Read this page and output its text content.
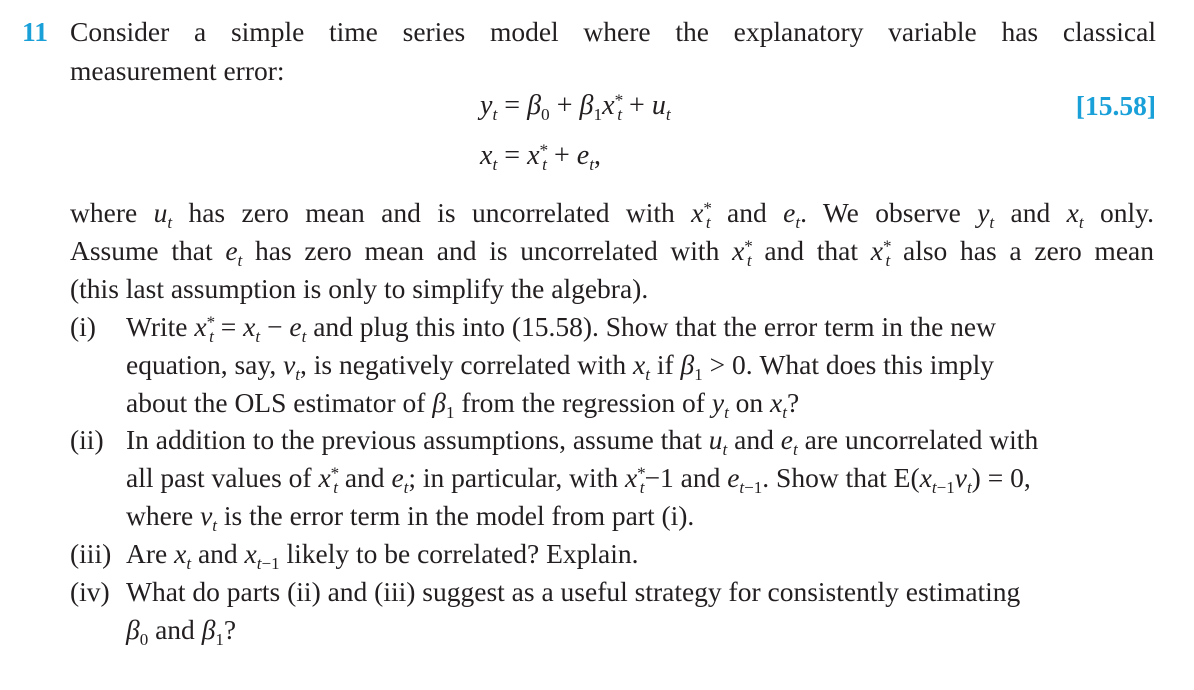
11 Consider a simple time series model where the explanatory variable has classical
measurement error:
$y_t = \beta_0 + \beta_1x^*_t + u_t$	[15.58]
$x_t = x^*_t + e_t$,
where $u_t$ has zero mean and is uncorrelated with $x^*_t$ and $e_t$. We observe $y_t$ and $x_t$ only.
Assume that $e_t$ has zero mean and is uncorrelated with $x^*_t$ and that $x^*_t$ also has a zero mean
(this last assumption is only to simplify the algebra).
(i) Write $x^*_t = x_t - e_t$ and plug this into (15.58). Show that the error term in the new
equation, say, $v_t$, is negatively correlated with $x_t$ if $\beta_1 > 0$. What does this imply
about the OLS estimator of $\beta_1$ from the regression of $y_t$ on $x_t$?
(ii) In addition to the previous assumptions, assume that $u_t$ and $e_t$ are uncorrelated with
all past values of $x^*_t$ and $e_t$; in particular, with $x^*_t-1$ and $e_{t-1}$. Show that $E(x_{t-1}v_t) = 0$,
where $v_t$ is the error term in the model from part (i).
(iii) Are $x_t$ and $x_{t-1}$ likely to be correlated? Explain.
(iv) What do parts (ii) and (iii) suggest as a useful strategy for consistently estimating
$\beta_0$ and $\beta_1$?
